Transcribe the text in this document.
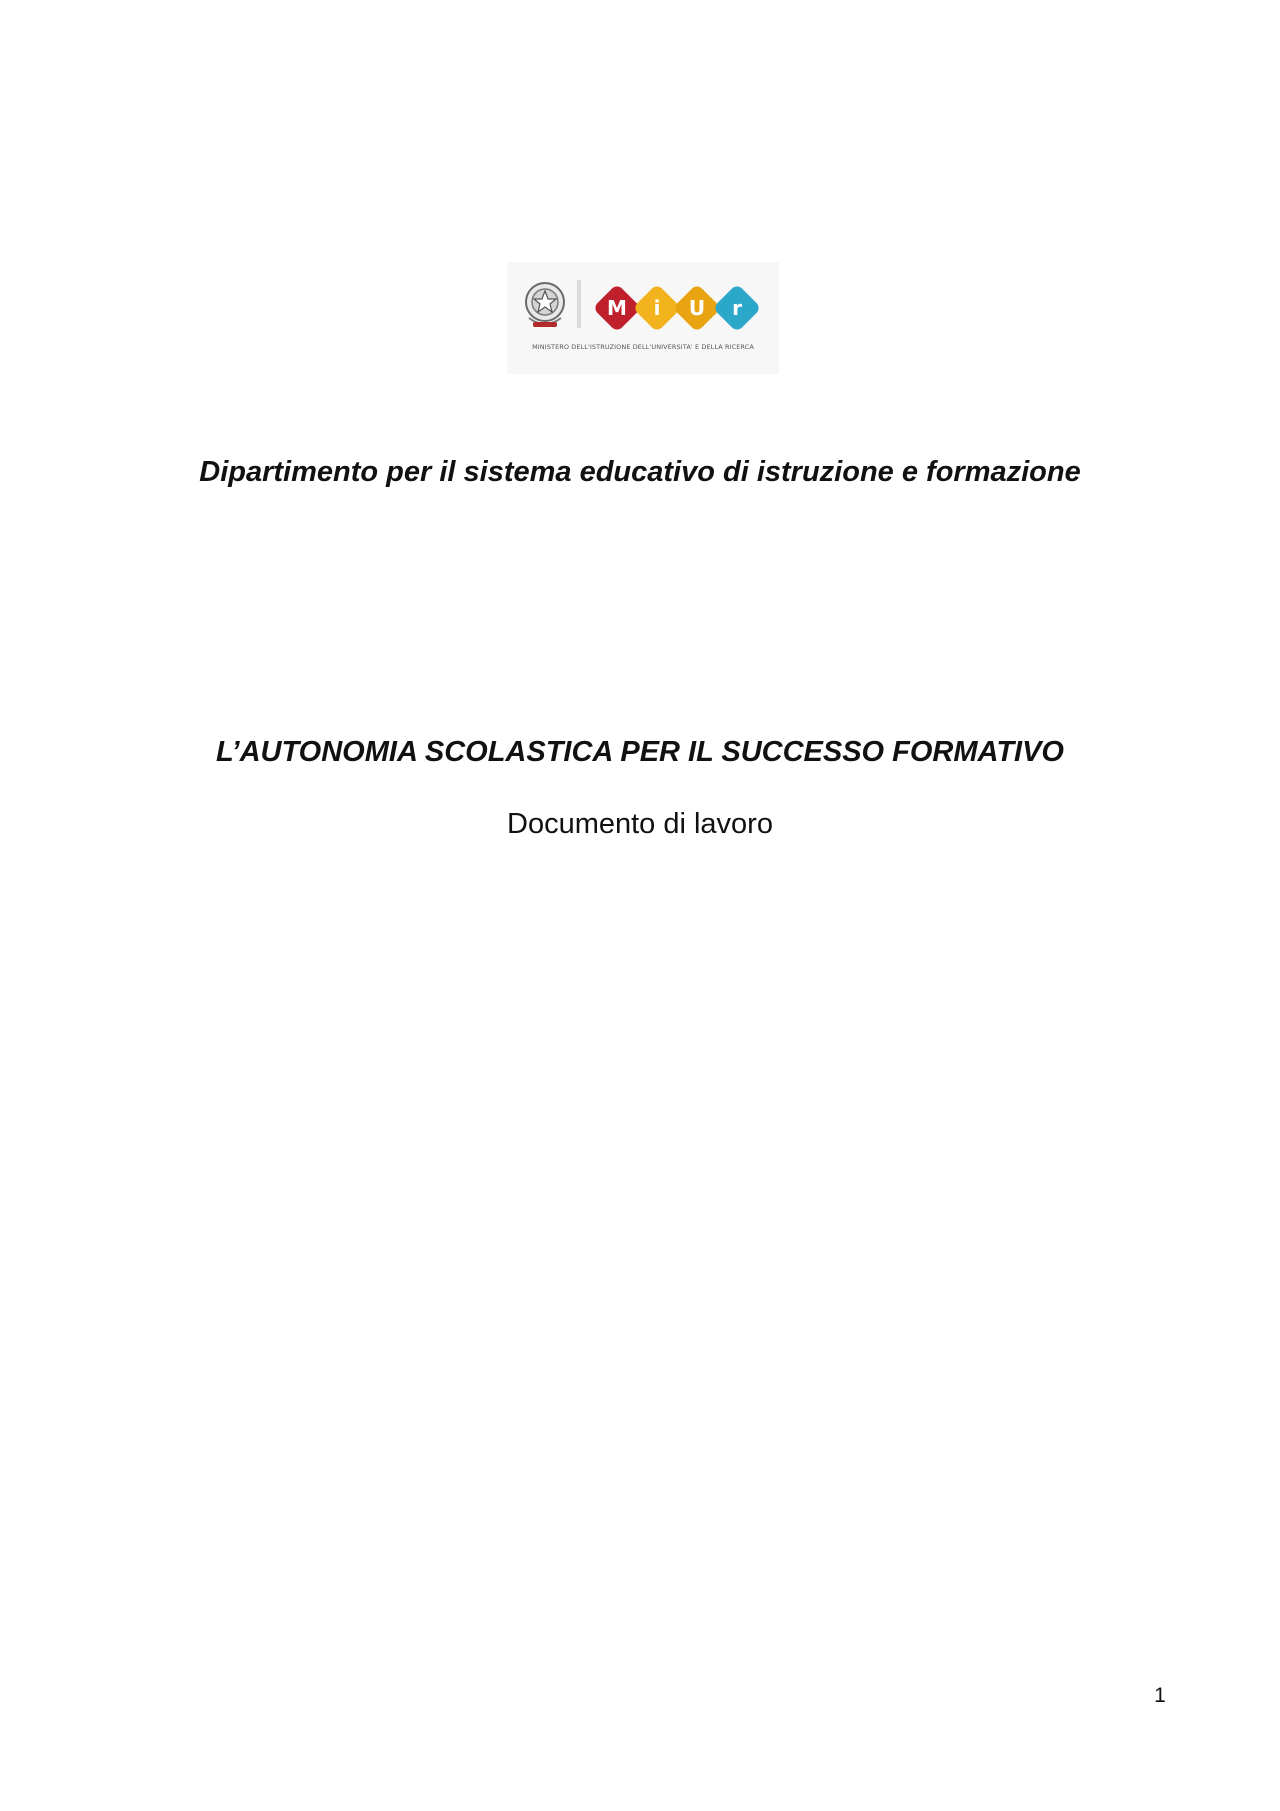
M i U r
MINISTERO DELL'ISTRUZIONE DELL'UNIVERSITA' E DELLA RICERCA
Dipartimento per il sistema educativo di istruzione e formazione
L’AUTONOMIA SCOLASTICA PER IL SUCCESSO FORMATIVO
Documento di lavoro
1
